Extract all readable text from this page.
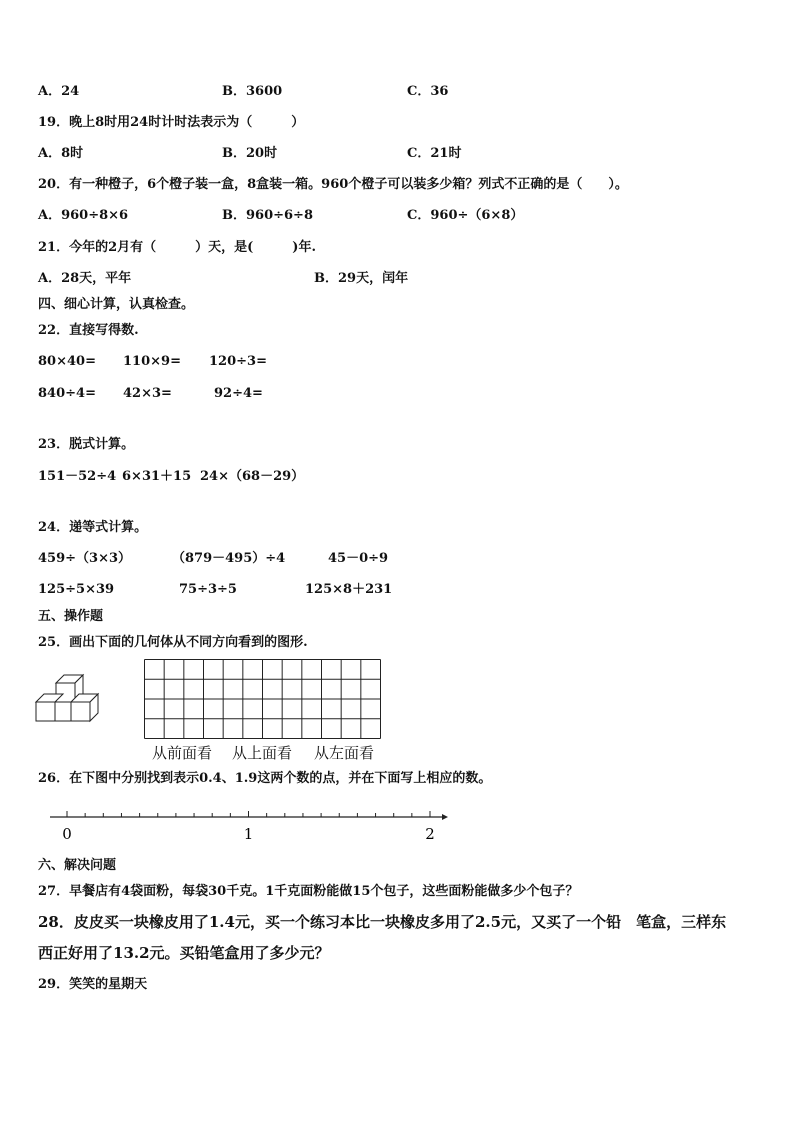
A．24	B．3600	C．36
19．晚上8时用24时计时法表示为（　　　）
A．8时	B．20时	C．21时
20．有一种橙子，6个橙子装一盒，8盒装一箱。960个橙子可以装多少箱？列式不正确的是（　　）。
A．960÷8×6	B．960÷6÷8	C．960÷（6×8）
21．今年的2月有（　　　）天，是(　　　)年.
A．28天，平年	B．29天，闰年
四、细心计算，认真检查。
22．直接写得数.
80×40= 110×9= 120÷3=
840÷4= 42×3=	92÷4=
23．脱式计算。
151－52÷4 6×31＋15 24×（68－29）
24．递等式计算。
459÷（3×3）	（879－495）÷4	45－0÷9
125÷5×39	75÷3÷5	125×8＋231
五、操作题
25．画出下面的几何体从不同方向看到的图形.
从前面看 从上面看 从左面看
26．在下图中分别找到表示0.4、1.9这两个数的点，并在下面写上相应的数。
0	1	2
六、解决问题
27．早餐店有4袋面粉，每袋30千克。1千克面粉能做15个包子，这些面粉能做多少个包子？
28．皮皮买一块橡皮用了1.4元，买一个练习本比一块橡皮多用了2.5元，又买了一个铅　笔盒，三样东
西正好用了13.2元。买铅笔盒用了多少元？
29．笑笑的星期天
